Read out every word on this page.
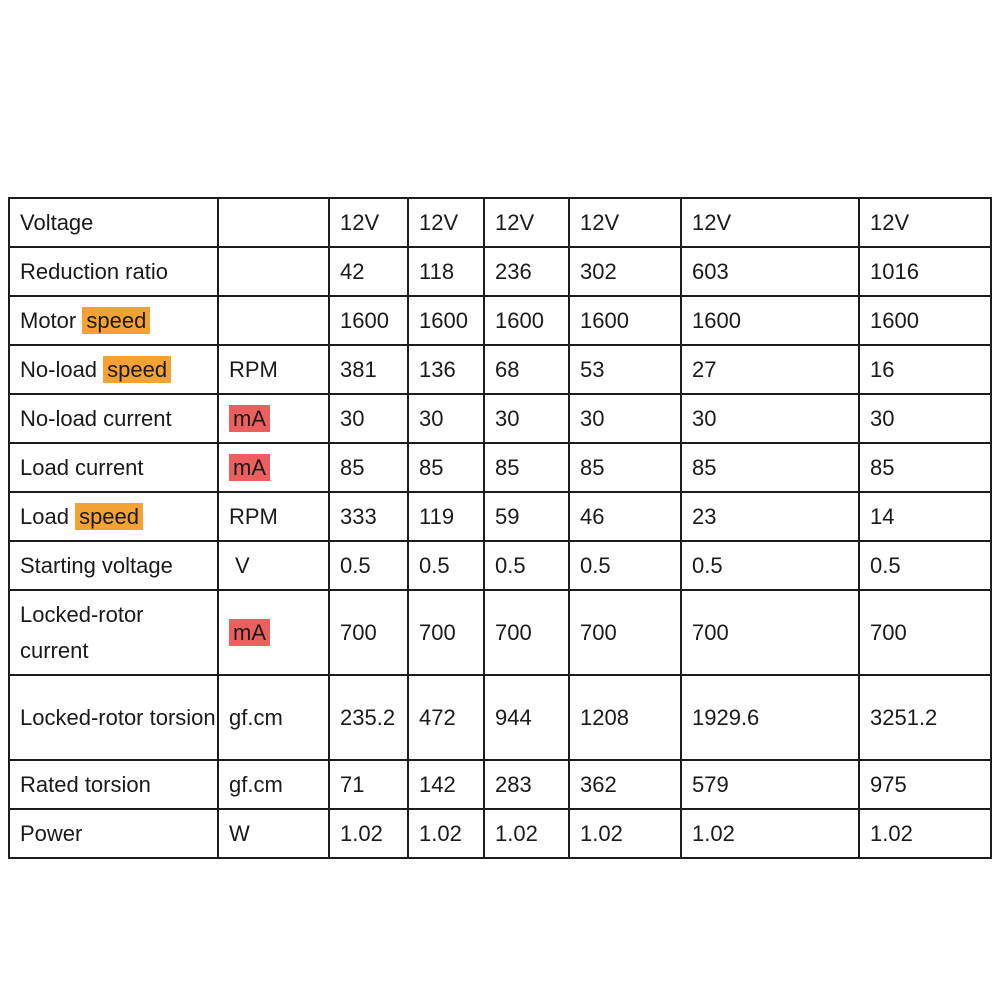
Voltage		12V	12V	12V	12V	12V	12V
Reduction ratio		42	118	236	302	603	1016
Motor speed		1600	1600	1600	1600	1600	1600
No-load speed	RPM	381	136	68	53	27	16
No-load current	mA	30	30	30	30	30	30
Load current	mA	85	85	85	85	85	85
Load speed	RPM	333	119	59	46	23	14
Starting voltage	V	0.5	0.5	0.5	0.5	0.5	0.5
Locked-rotor current	mA	700	700	700	700	700	700
Locked-rotor torsion	gf.cm	235.2	472	944	1208	1929.6	3251.2
Rated torsion	gf.cm	71	142	283	362	579	975
Power	W	1.02	1.02	1.02	1.02	1.02	1.02
